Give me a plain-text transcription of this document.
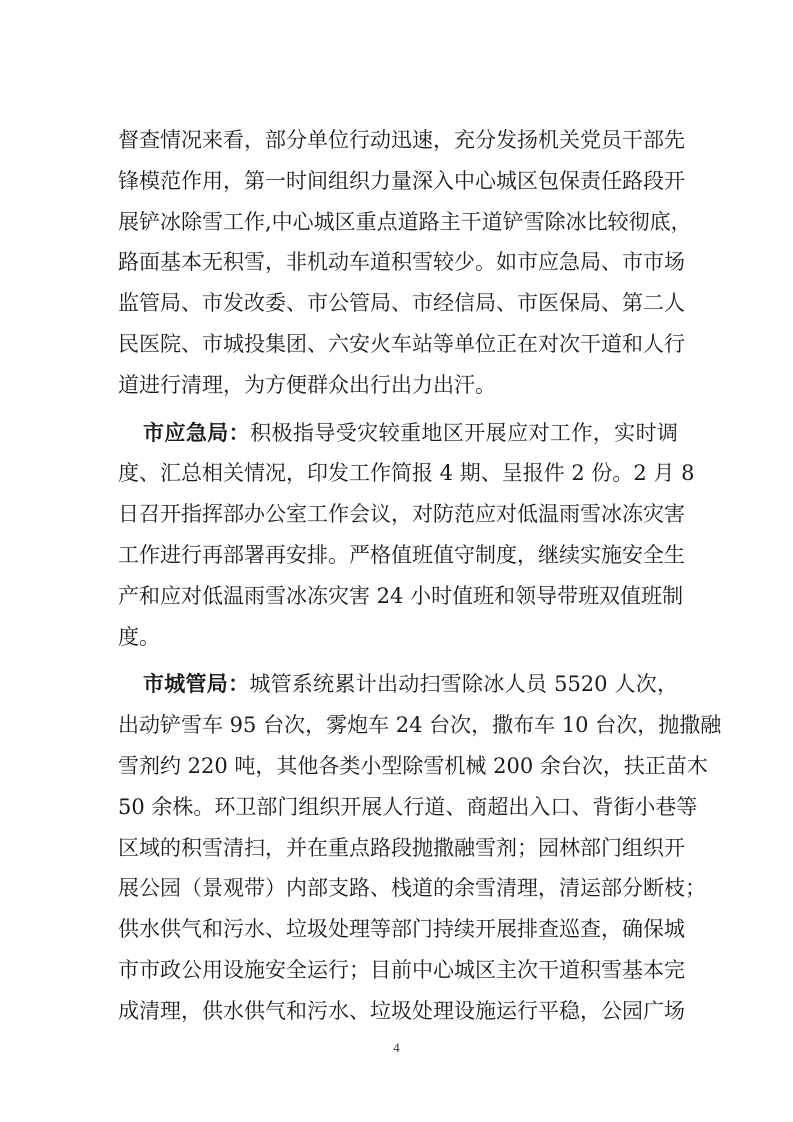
督查情况来看，部分单位行动迅速，充分发扬机关党员干部先
锋模范作用，第一时间组织力量深入中心城区包保责任路段开
展铲冰除雪工作,中心城区重点道路主干道铲雪除冰比较彻底，
路面基本无积雪，非机动车道积雪较少。如市应急局、市市场
监管局、市发改委、市公管局、市经信局、市医保局、第二人
民医院、市城投集团、六安火车站等单位正在对次干道和人行
道进行清理，为方便群众出行出力出汗。
市应急局：积极指导受灾较重地区开展应对工作，实时调
度、汇总相关情况，印发工作简报 4 期、呈报件 2 份。2 月 8
日召开指挥部办公室工作会议，对防范应对低温雨雪冰冻灾害
工作进行再部署再安排。严格值班值守制度，继续实施安全生
产和应对低温雨雪冰冻灾害 24 小时值班和领导带班双值班制
度。
市城管局：城管系统累计出动扫雪除冰人员 5520 人次，
出动铲雪车 95 台次，雾炮车 24 台次，撒布车 10 台次，抛撒融
雪剂约 220 吨，其他各类小型除雪机械 200 余台次，扶正苗木
50 余株。环卫部门组织开展人行道、商超出入口、背街小巷等
区域的积雪清扫，并在重点路段抛撒融雪剂；园林部门组织开
展公园（景观带）内部支路、栈道的余雪清理，清运部分断枝；
供水供气和污水、垃圾处理等部门持续开展排查巡查，确保城
市市政公用设施安全运行；目前中心城区主次干道积雪基本完
成清理，供水供气和污水、垃圾处理设施运行平稳，公园广场
4
